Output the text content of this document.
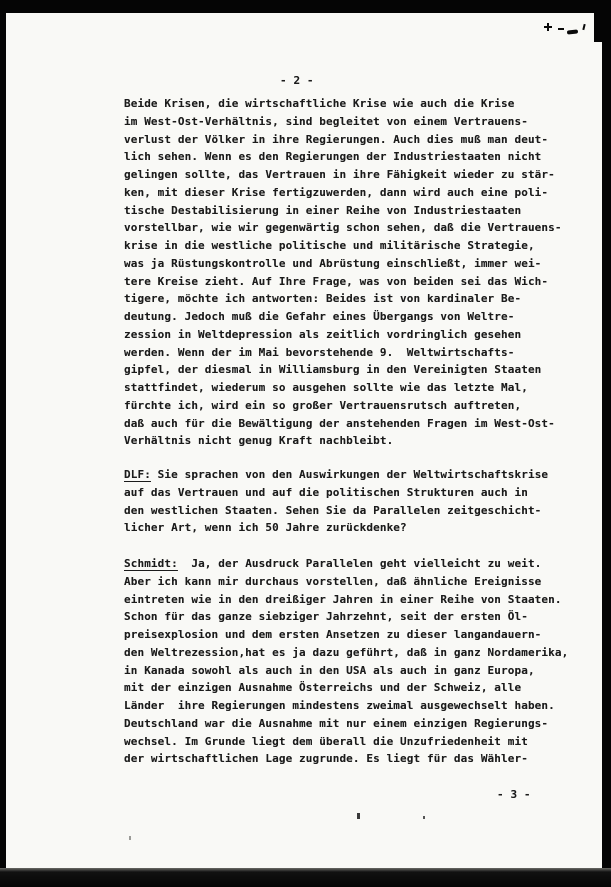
- 2 -
Beide Krisen, die wirtschaftliche Krise wie auch die Krise
im West-Ost-Verhältnis, sind begleitet von einem Vertrauens-
verlust der Völker in ihre Regierungen. Auch dies muß man deut-
lich sehen. Wenn es den Regierungen der Industriestaaten nicht
gelingen sollte, das Vertrauen in ihre Fähigkeit wieder zu stär-
ken, mit dieser Krise fertigzuwerden, dann wird auch eine poli-
tische Destabilisierung in einer Reihe von Industriestaaten
vorstellbar, wie wir gegenwärtig schon sehen, daß die Vertrauens-
krise in die westliche politische und militärische Strategie,
was ja Rüstungskontrolle und Abrüstung einschließt, immer wei-
tere Kreise zieht. Auf Ihre Frage, was von beiden sei das Wich-
tigere, möchte ich antworten: Beides ist von kardinaler Be-
deutung. Jedoch muß die Gefahr eines Übergangs von Weltre-
zession in Weltdepression als zeitlich vordringlich gesehen
werden. Wenn der im Mai bevorstehende 9.  Weltwirtschafts-
gipfel, der diesmal in Williamsburg in den Vereinigten Staaten
stattfindet, wiederum so ausgehen sollte wie das letzte Mal,
fürchte ich, wird ein so großer Vertrauensrutsch auftreten,
daß auch für die Bewältigung der anstehenden Fragen im West-Ost-
Verhältnis nicht genug Kraft nachbleibt.
DLF: Sie sprachen von den Auswirkungen der Weltwirtschaftskrise
auf das Vertrauen und auf die politischen Strukturen auch in
den westlichen Staaten. Sehen Sie da Parallelen zeitgeschicht-
licher Art, wenn ich 50 Jahre zurückdenke?
Schmidt:  Ja, der Ausdruck Parallelen geht vielleicht zu weit.
Aber ich kann mir durchaus vorstellen, daß ähnliche Ereignisse
eintreten wie in den dreißiger Jahren in einer Reihe von Staaten.
Schon für das ganze siebziger Jahrzehnt, seit der ersten Öl-
preisexplosion und dem ersten Ansetzen zu dieser langandauern-
den Weltrezession,hat es ja dazu geführt, daß in ganz Nordamerika,
in Kanada sowohl als auch in den USA als auch in ganz Europa,
mit der einzigen Ausnahme Österreichs und der Schweiz, alle
Länder  ihre Regierungen mindestens zweimal ausgewechselt haben.
Deutschland war die Ausnahme mit nur einem einzigen Regierungs-
wechsel. Im Grunde liegt dem überall die Unzufriedenheit mit
der wirtschaftlichen Lage zugrunde. Es liegt für das Wähler-
- 3 -
